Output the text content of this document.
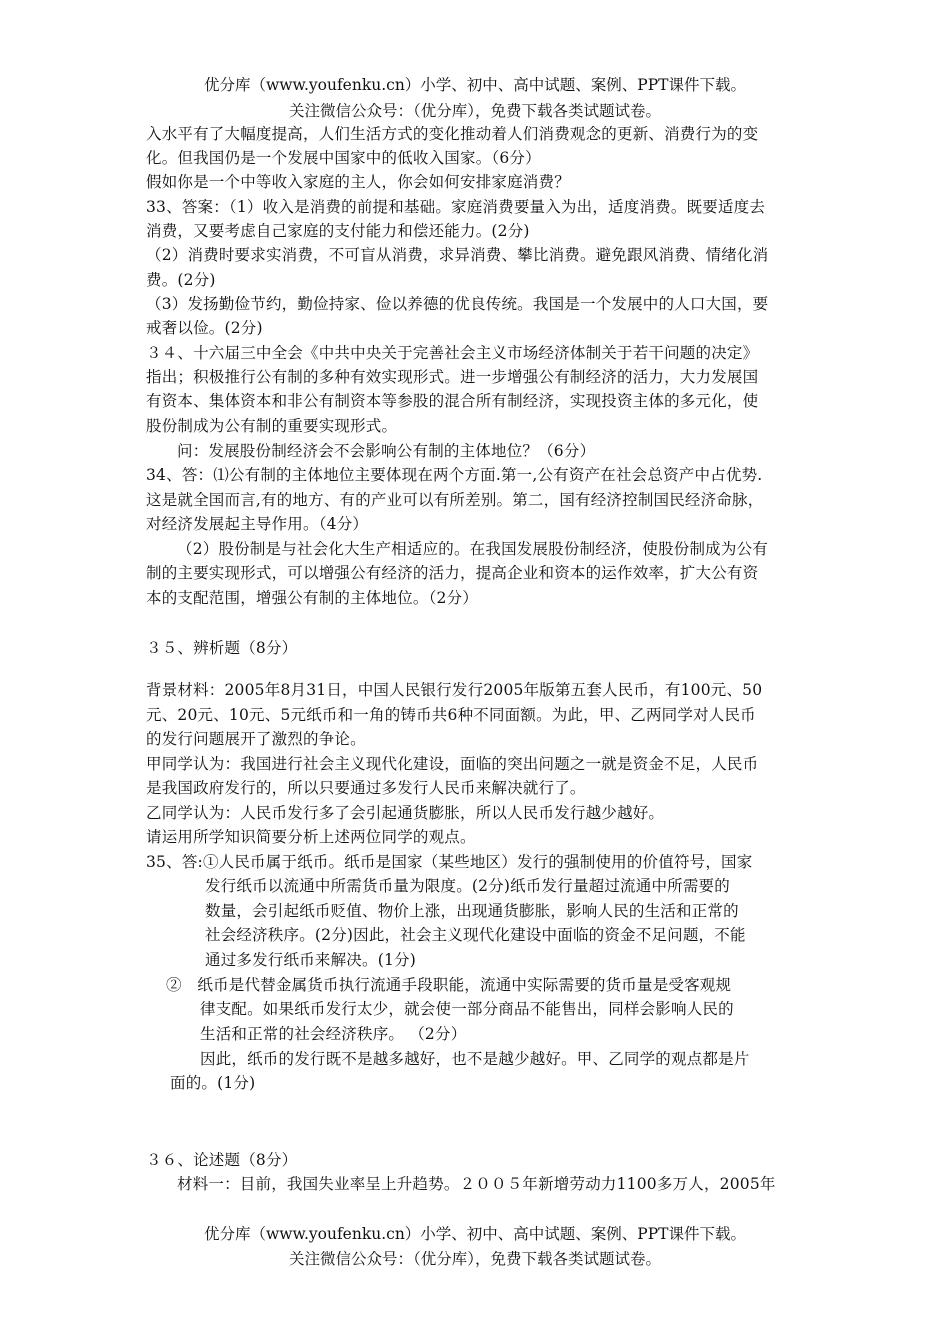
优分库（www.youfenku.cn）小学、初中、高中试题、案例、PPT课件下载。
关注微信公众号：（优分库），免费下载各类试题试卷。
入水平有了大幅度提高，人们生活方式的变化推动着人们消费观念的更新、消费行为的变
化。但我国仍是一个发展中国家中的低收入国家。（6分）
假如你是一个中等收入家庭的主人，你会如何安排家庭消费？
33、答案：（1）收入是消费的前提和基础。家庭消费要量入为出，适度消费。既要适度去
消费，又要考虑自己家庭的支付能力和偿还能力。(2分)
（2）消费时要求实消费，不可盲从消费，求异消费、攀比消费。避免跟风消费、情绪化消
费。(2分)
（3）发扬勤俭节约，勤俭持家、俭以养德的优良传统。我国是一个发展中的人口大国，要
戒奢以俭。(2分)
３４、十六届三中全会《中共中央关于完善社会主义市场经济体制关于若干问题的决定》
指出；积极推行公有制的多种有效实现形式。进一步增强公有制经济的活力，大力发展国
有资本、集体资本和非公有制资本等参股的混合所有制经济，实现投资主体的多元化，使
股份制成为公有制的重要实现形式。
问：发展股份制经济会不会影响公有制的主体地位？（6分）
34、答：⑴公有制的主体地位主要体现在两个方面.第一,公有资产在社会总资产中占优势.
这是就全国而言,有的地方、有的产业可以有所差别。第二，国有经济控制国民经济命脉，
对经济发展起主导作用。（4分）
（2）股份制是与社会化大生产相适应的。在我国发展股份制经济，使股份制成为公有
制的主要实现形式，可以增强公有经济的活力，提高企业和资本的运作效率，扩大公有资
本的支配范围，增强公有制的主体地位。（2分）
３５、辨析题（8分）
背景材料：2005年8月31日，中国人民银行发行2005年版第五套人民币，有100元、50
元、20元、10元、5元纸币和一角的铸币共6种不同面额。为此，甲、乙两同学对人民币
的发行问题展开了激烈的争论。
甲同学认为：我国进行社会主义现代化建设，面临的突出问题之一就是资金不足，人民币
是我国政府发行的，所以只要通过多发行人民币来解决就行了。
乙同学认为：人民币发行多了会引起通货膨胀，所以人民币发行越少越好。
请运用所学知识简要分析上述两位同学的观点。
35、答:①人民币属于纸币。纸币是国家（某些地区）发行的强制使用的价值符号，国家
发行纸币以流通中所需货币量为限度。(2分)纸币发行量超过流通中所需要的
数量，会引起纸币贬值、物价上涨，出现通货膨胀，影响人民的生活和正常的
社会经济秩序。(2分)因此，社会主义现代化建设中面临的资金不足问题，不能
通过多发行纸币来解决。(1分)
②　纸币是代替金属货币执行流通手段职能，流通中实际需要的货币量是受客观规
律支配。如果纸币发行太少，就会使一部分商品不能售出，同样会影响人民的
生活和正常的社会经济秩序。 （2分）
因此，纸币的发行既不是越多越好，也不是越少越好。甲、乙同学的观点都是片
面的。(1分)
３６、论述题（8分）
材料一：目前，我国失业率呈上升趋势。２００５年新增劳动力1100多万人，2005年
优分库（www.youfenku.cn）小学、初中、高中试题、案例、PPT课件下载。
关注微信公众号：（优分库），免费下载各类试题试卷。
